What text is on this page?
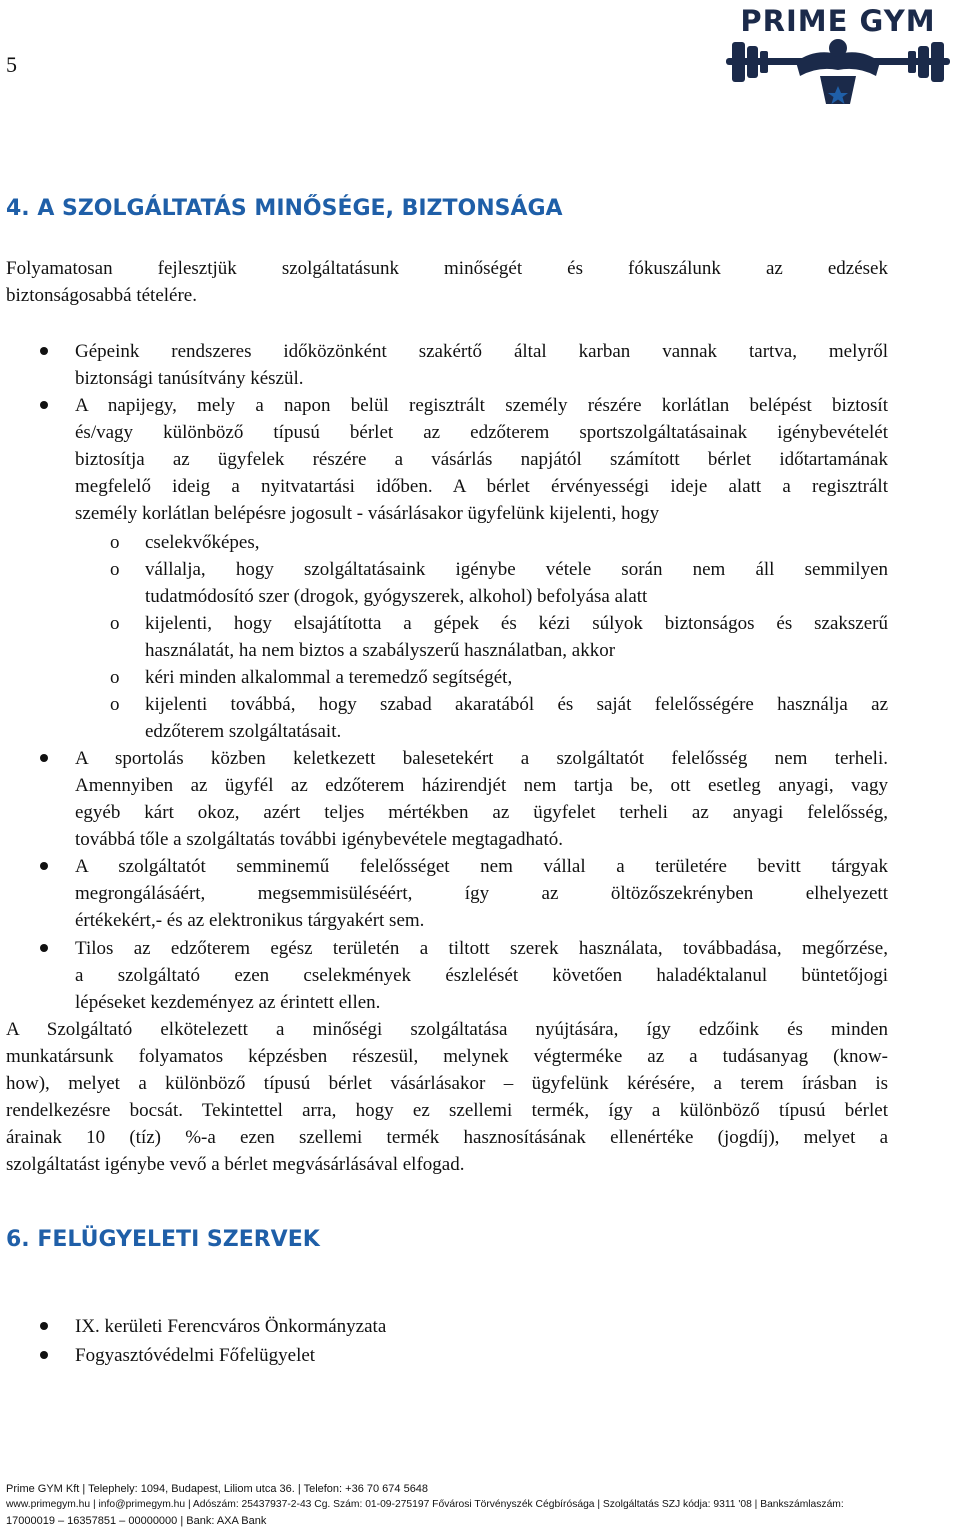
5
PRIME GYM
4. A SZOLGÁLTATÁS MINŐSÉGE, BIZTONSÁGA

Folyamatosan fejlesztjük szolgáltatásunk minőségét és fókuszálunk az edzések

biztonságosabbá tételére.

Gépeink rendszeres időközönként szakértő által karban vannak tartva, melyről

biztonsági tanúsítvány készül.

A napijegy, mely a napon belül regisztrált személy részére korlátlan belépést biztosít

és/vagy különböző típusú bérlet az edzőterem sportszolgáltatásainak igénybevételét

biztosítja az ügyfelek részére a vásárlás napjától számított bérlet időtartamának

megfelelő ideig a nyitvatartási időben. A bérlet érvényességi ideje alatt a regisztrált

személy korlátlan belépésre jogosult - vásárlásakor ügyfelünk kijelenti, hogy

o cselekvőképes,

o vállalja, hogy szolgáltatásaink igénybe vétele során nem áll semmilyen

tudatmódosító szer (drogok, gyógyszerek, alkohol) befolyása alatt

o kijelenti, hogy elsajátította a gépek és kézi súlyok biztonságos és szakszerű

használatát, ha nem biztos a szabályszerű használatban, akkor

o kéri minden alkalommal a teremedző segítségét,

o kijelenti továbbá, hogy szabad akaratából és saját felelősségére használja az

edzőterem szolgáltatásait.

A sportolás közben keletkezett balesetekért a szolgáltatót felelősség nem terheli.

Amennyiben az ügyfél az edzőterem házirendjét nem tartja be, ott esetleg anyagi, vagy

egyéb kárt okoz, azért teljes mértékben az ügyfelet terheli az anyagi felelősség,

továbbá tőle a szolgáltatás további igénybevétele megtagadható.

A szolgáltatót semminemű felelősséget nem vállal a területére bevitt tárgyak

megrongálásáért, megsemmisüléséért, így az öltözőszekrényben elhelyezett

értékekért,- és az elektronikus tárgyakért sem.

Tilos az edzőterem egész területén a tiltott szerek használata, továbbadása, megőrzése,

a szolgáltató ezen cselekmények észlelését követően haladéktalanul büntetőjogi

lépéseket kezdeményez az érintett ellen.

A Szolgáltató elkötelezett a minőségi szolgáltatása nyújtására, így edzőink és minden

munkatársunk folyamatos képzésben részesül, melynek végterméke az a tudásanyag (know-

how), melyet a különböző típusú bérlet vásárlásakor – ügyfelünk kérésére, a terem írásban is

rendelkezésre bocsát. Tekintettel arra, hogy ez szellemi termék, így a különböző típusú bérlet

árainak 10 (tíz) %-a ezen szellemi termék hasznosításának ellenértéke (jogdíj), melyet a

szolgáltatást igénybe vevő a bérlet megvásárlásával elfogad.

6. FELÜGYELETI SZERVEK

IX. kerületi Ferencváros Önkormányzata

Fogyasztóvédelmi Főfelügyelet

Prime GYM Kft | Telephely: 1094, Budapest, Liliom utca 36. | Telefon: +36 70 674 5648
www.primegym.hu | info@primegym.hu | Adószám: 25437937-2-43 Cg. Szám: 01-09-275197 Fővárosi Törvényszék Cégbírósága | Szolgáltatás SZJ kódja: 9311 '08 | Bankszámlaszám:
17000019 – 16357851 – 00000000 | Bank: AXA Bank
